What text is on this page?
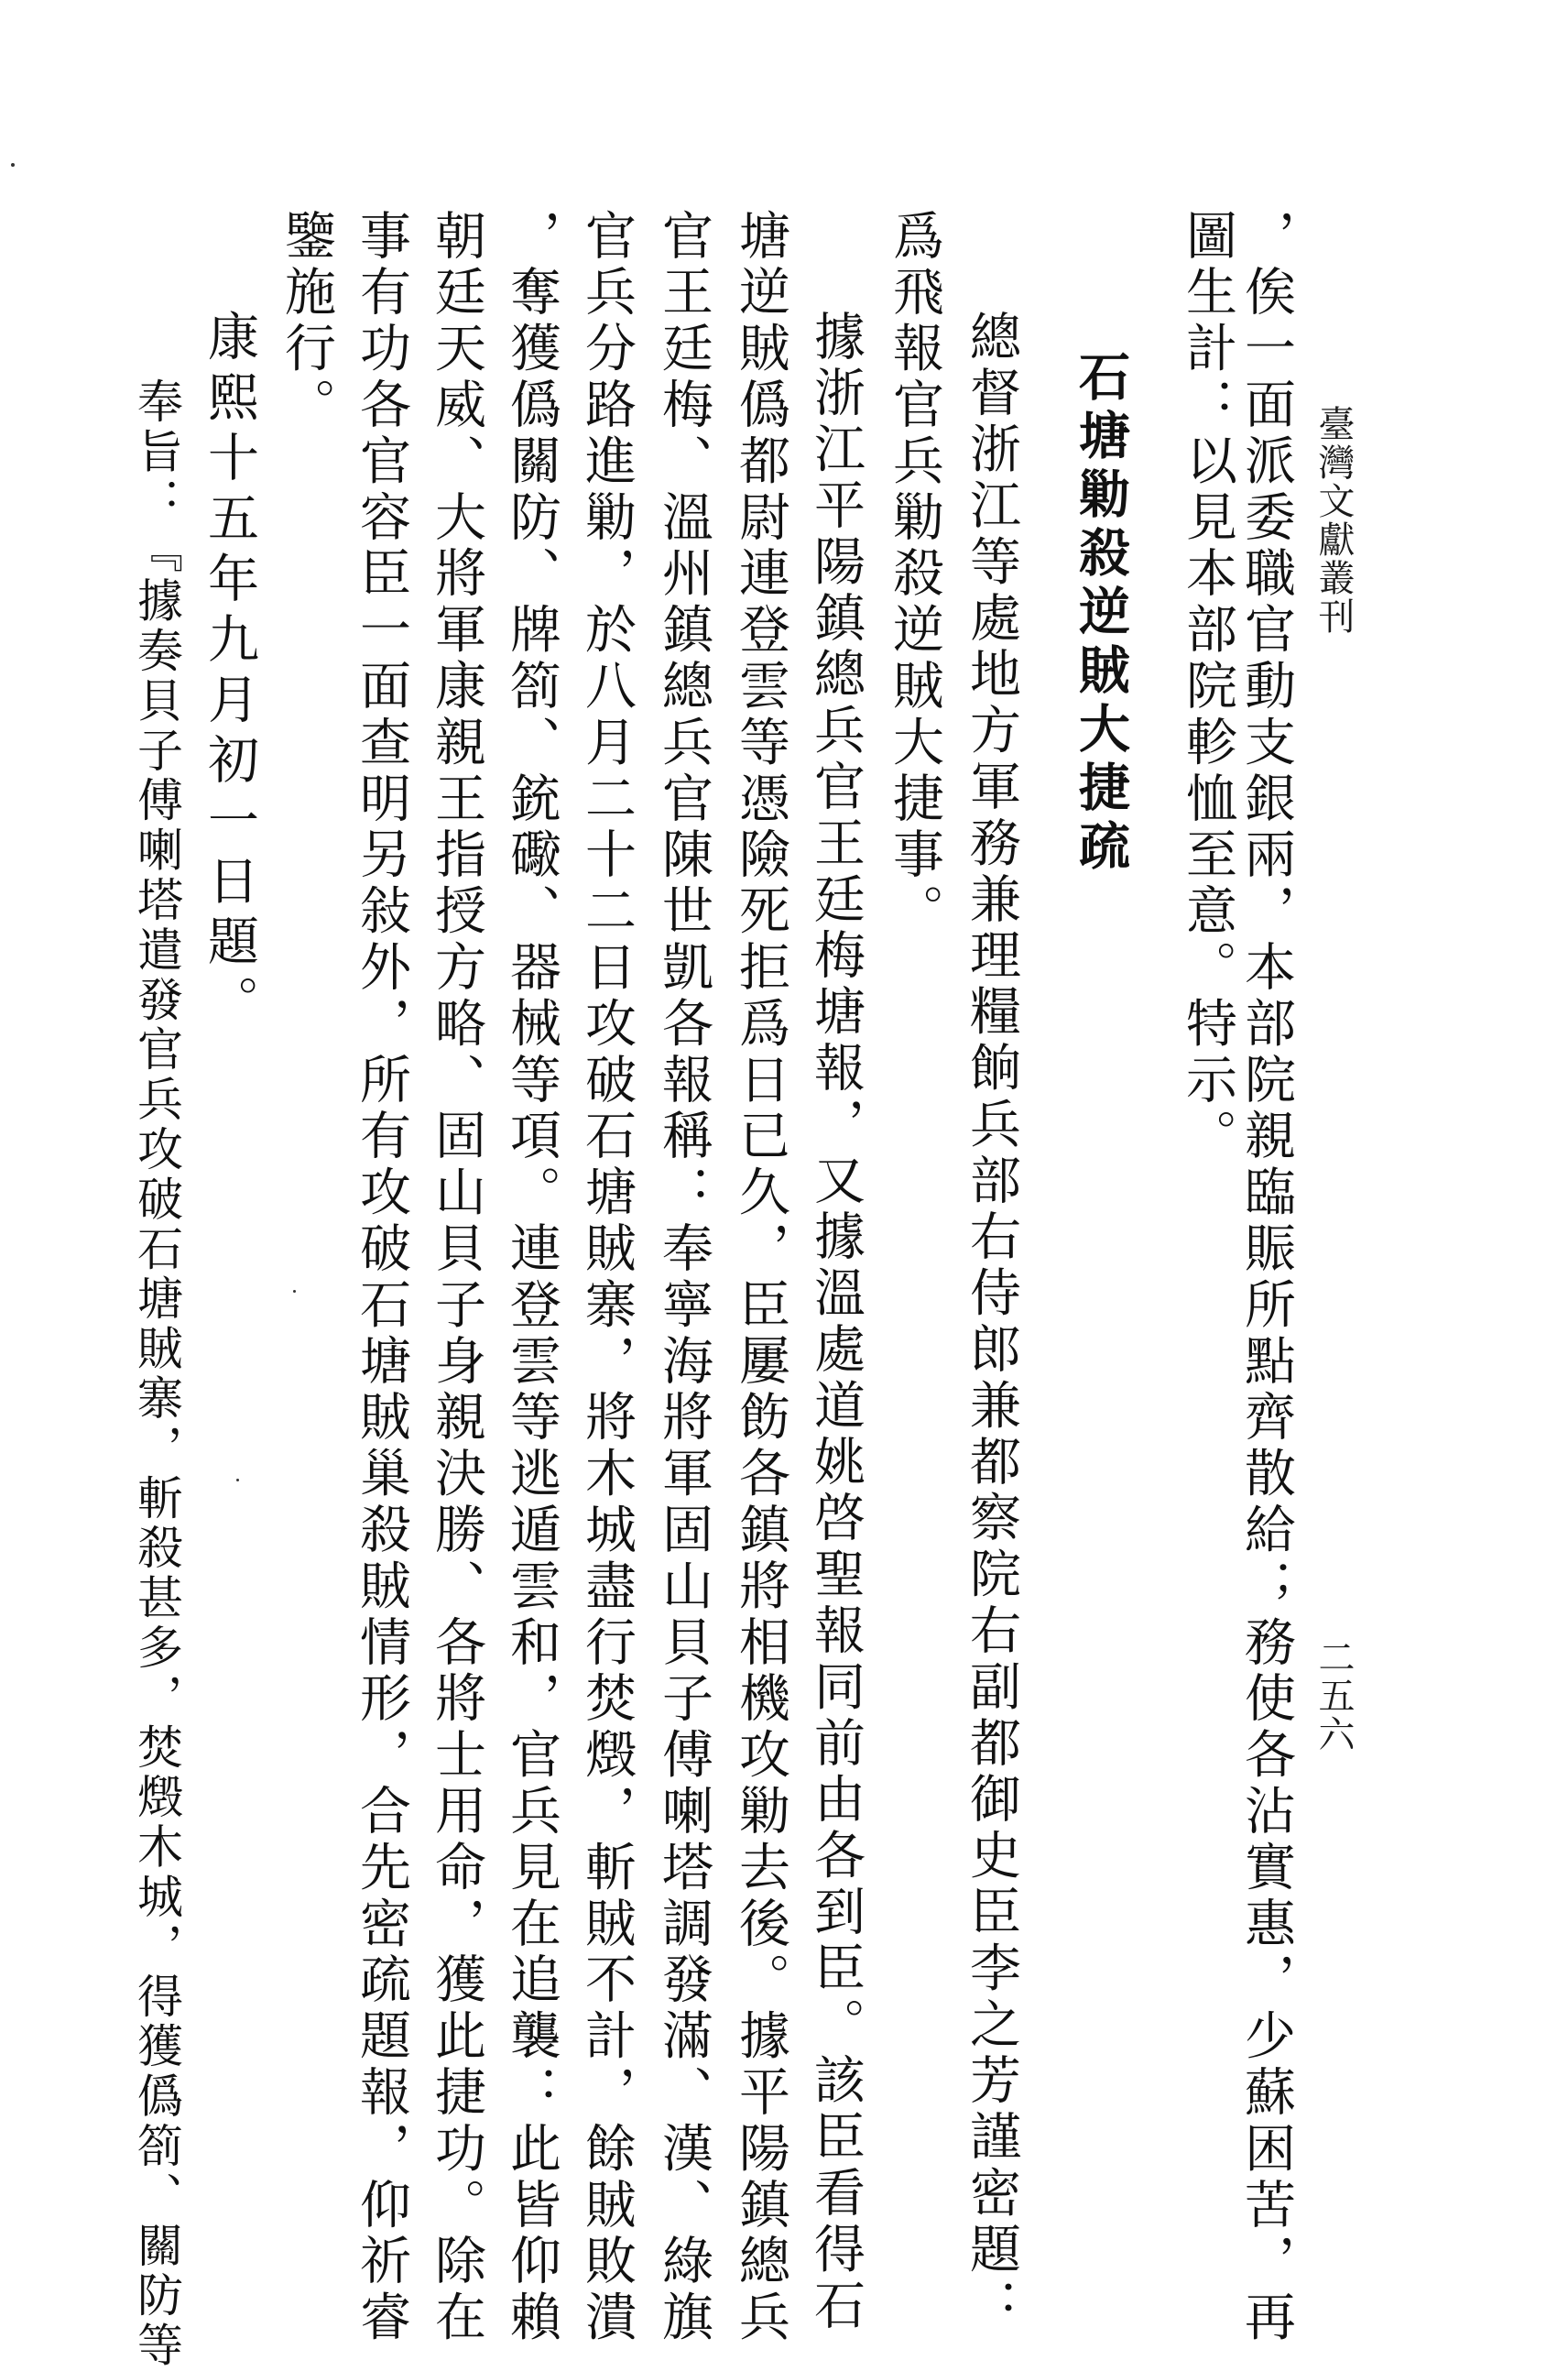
臺灣文獻叢刊
二五六
，俟一面派委職官動支銀兩，本部院親臨賑所點齊散給；務使各沾實惠，少蘇困苦，再
圖生計：以見本部院軫恤至意。特示。
石塘勦殺逆賊大捷疏
總督浙江等處地方軍務兼理糧餉兵部右侍郎兼都察院右副都御史臣李之芳謹密題：
爲飛報官兵勦殺逆賊大捷事。
據浙江平陽鎮總兵官王廷梅塘報，又據溫處道姚啓聖報同前由各到臣。該臣看得石
塘逆賊僞都尉連登雲等憑險死拒爲日已久，臣屢飭各鎮將相機攻勦去後。據平陽鎮總兵
官王廷梅、溫州鎮總兵官陳世凱各報稱：奉寧海將軍固山貝子傅喇塔調發滿、漢、綠旗
官兵分路進勦，於八月二十二日攻破石塘賊寨，將木城盡行焚燬，斬賊不計，餘賊敗潰
，奪獲僞關防、牌箚、銃礮、器械等項。連登雲等逃遁雲和，官兵見在追襲：此皆仰賴
朝廷天威、大將軍康親王指授方略、固山貝子身親決勝、各將士用命，獲此捷功。除在
事有功各官容臣一面查明另敍外，所有攻破石塘賊巢殺賊情形，合先密疏題報，仰祈睿
鑒施行。
康熙十五年九月初一日題。
奉旨：『據奏貝子傅喇塔遣發官兵攻破石塘賊寨，斬殺甚多，焚燬木城，得獲僞箚、關防等
